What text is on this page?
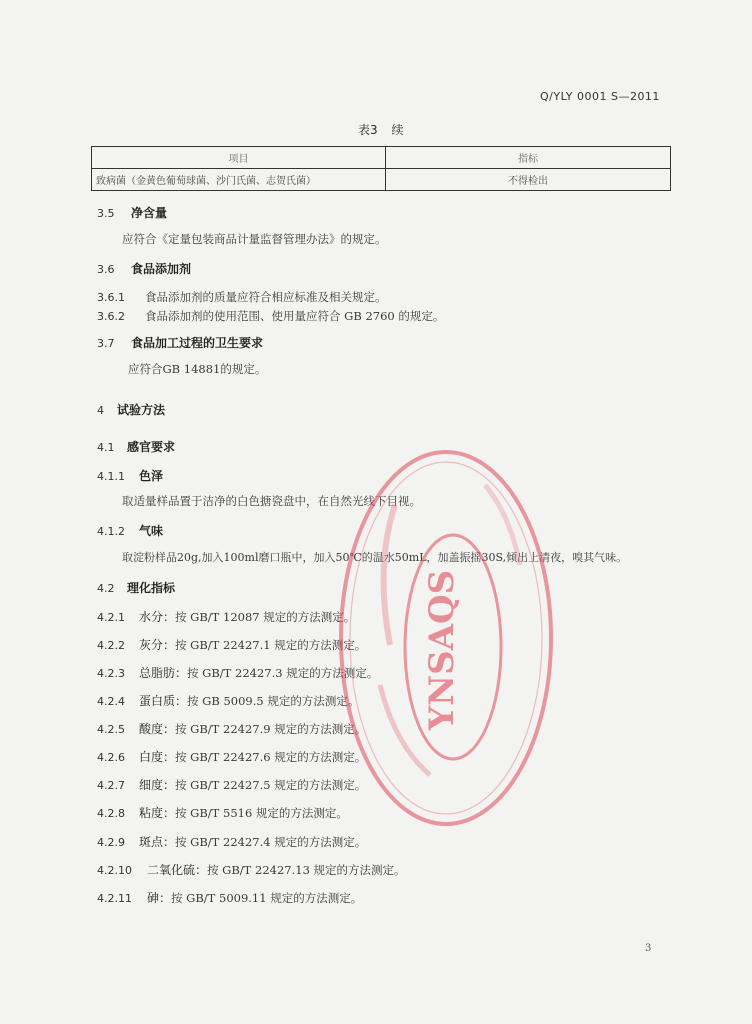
Q/YLY 0001 S—2011
表3 续
项目	指标
致病菌（金黄色葡萄球菌、沙门氏菌、志贺氏菌）	不得检出
3.5 净含量
应符合《定量包装商品计量监督管理办法》的规定。
3.6 食品添加剂
3.6.1 食品添加剂的质量应符合相应标准及相关规定。
3.6.2 食品添加剂的使用范围、使用量应符合 GB 2760 的规定。
3.7 食品加工过程的卫生要求
应符合GB 14881的规定。
4 试验方法
4.1 感官要求
4.1.1 色泽
取适量样品置于洁净的白色搪瓷盘中，在自然光线下目视。
4.1.2 气味
取淀粉样品20g,加入100ml磨口瓶中，加入50℃的温水50mL，加盖振摇30S,倾出上清夜，嗅其气味。
4.2 理化指标
4.2.1 水分：按 GB/T 12087 规定的方法测定。
4.2.2 灰分：按 GB/T 22427.1 规定的方法测定。
4.2.3 总脂肪：按 GB/T 22427.3 规定的方法测定。
4.2.4 蛋白质：按 GB 5009.5 规定的方法测定。
4.2.5 酸度：按 GB/T 22427.9 规定的方法测定。
4.2.6 白度：按 GB/T 22427.6 规定的方法测定。
4.2.7 细度：按 GB/T 22427.5 规定的方法测定。
4.2.8 粘度：按 GB/T 5516 规定的方法测定。
4.2.9 斑点：按 GB/T 22427.4 规定的方法测定。
4.2.10 二氧化硫：按 GB/T 22427.13 规定的方法测定。
4.2.11 砷：按 GB/T 5009.11 规定的方法测定。
YNSAQS
3
